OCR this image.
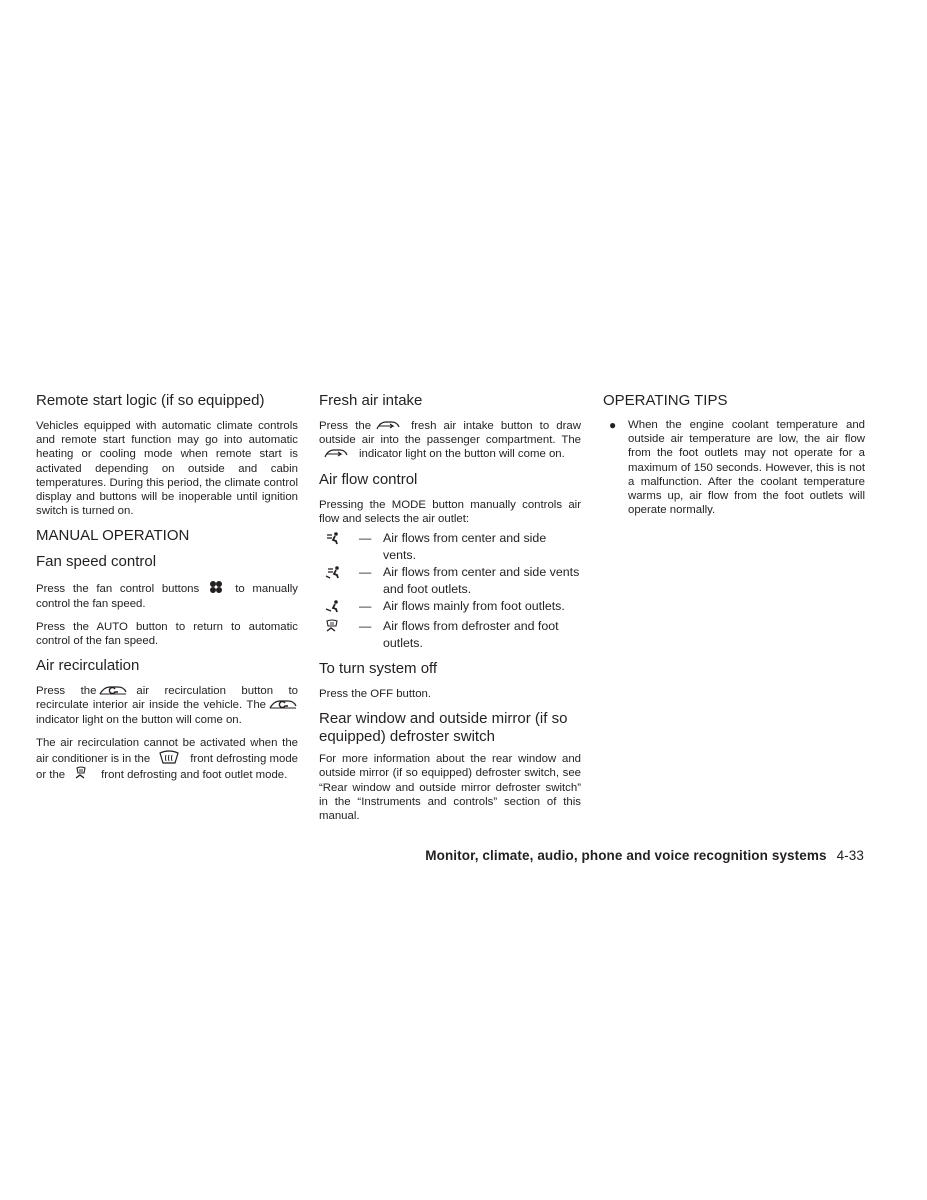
Remote start logic (if so equipped)

Vehicles equipped with automatic climate controls and remote start function may go into automatic heating or cooling mode when remote start is activated depending on outside and cabin temperatures. During this period, the climate control display and buttons will be inoperable until ignition switch is turned on.

MANUAL OPERATION
Fan speed control

Press the fan control buttons	to manually control the fan speed.

Press the AUTO button to return to automatic control of the fan speed.

Air recirculation

Press the	air recirculation button to recirculate interior air inside the vehicle. The
indicator light on the button will come on.

The air recirculation cannot be activated when the air conditioner is in the	front defrosting mode or the	front defrosting and foot outlet mode.

Fresh air intake

Press the	fresh air intake button to draw outside air into the passenger compartment. The
indicator light on the button will come on.

Air flow control

Pressing the MODE button manually controls air flow and selects the air outlet:

— Air flows from center and side vents.
— Air flows from center and side vents and foot outlets.
— Air flows mainly from foot outlets.
— Air flows from defroster and foot outlets.
To turn system off

Press the OFF button.

Rear window and outside mirror (if so equipped) defroster switch

For more information about the rear window and outside mirror (if so equipped) defroster switch, see “Rear window and outside mirror defroster switch” in the “Instruments and controls” section of this manual.

OPERATING TIPS
●	When the engine coolant temperature and outside air temperature are low, the air flow from the foot outlets may not operate for a maximum of 150 seconds. However, this is not a malfunction. After the coolant temperature warms up, air flow from the foot outlets will operate normally.
Monitor, climate, audio, phone and voice recognition systems 4-33
